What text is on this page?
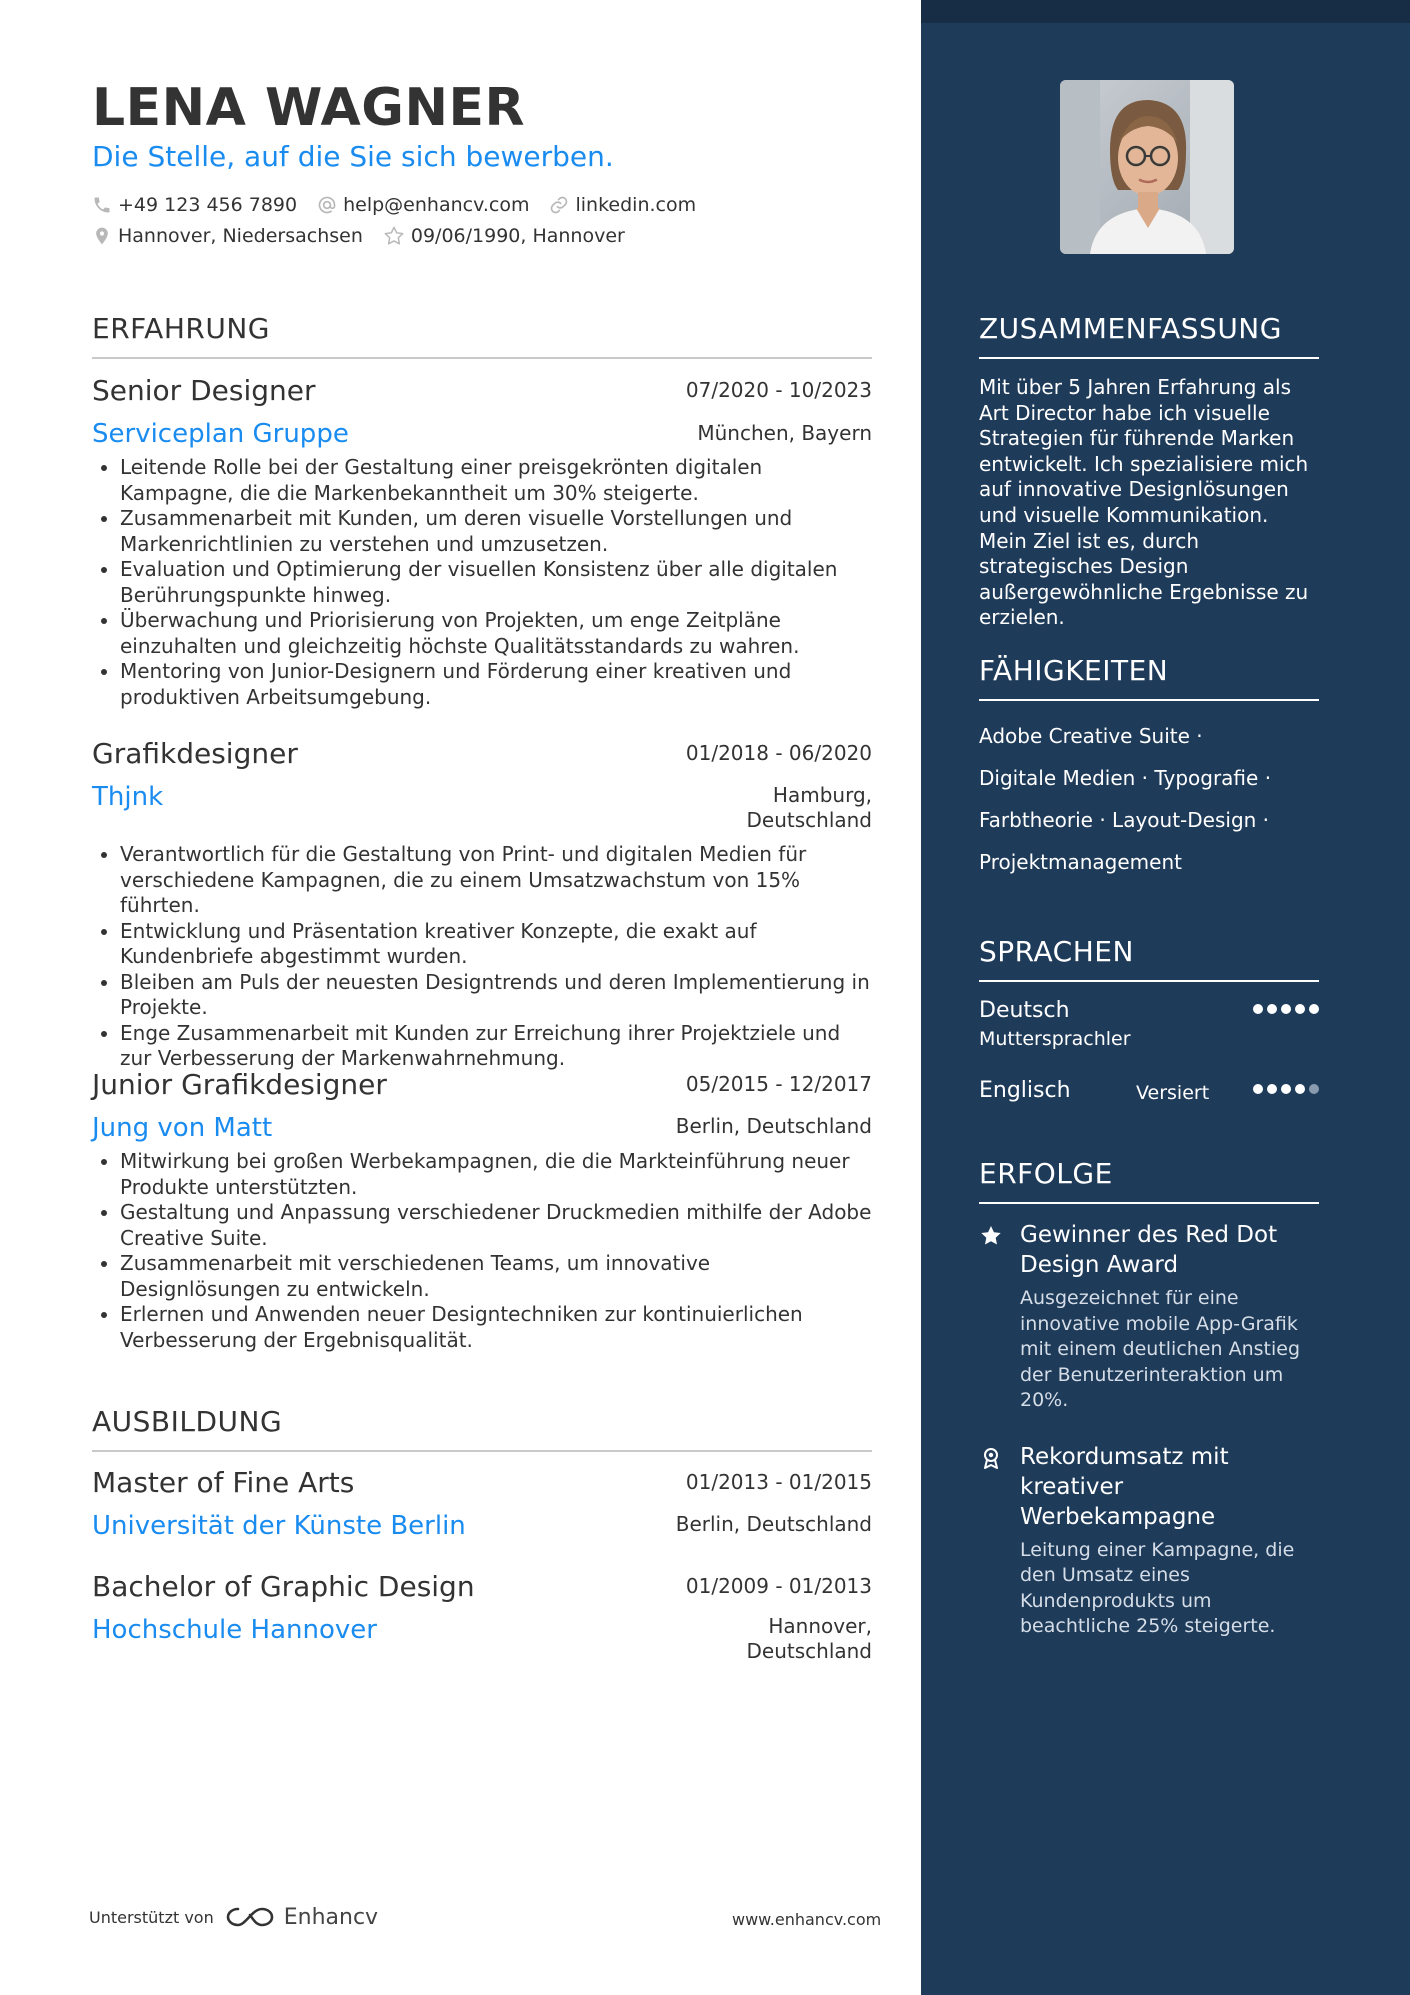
LENA WAGNER
Die Stelle, auf die Sie sich bewerben.
+49 123 456 7890 help@enhancv.com linkedin.com
Hannover, Niedersachsen	09/06/1990, Hannover
ERFAHRUNG
Senior Designer	07/2020 - 10/2023
Serviceplan Gruppe	München, Bayern
Leitende Rolle bei der Gestaltung einer preisgekrönten digitalen Kampagne, die die Markenbekanntheit um 30% steigerte.
Zusammenarbeit mit Kunden, um deren visuelle Vorstellungen und Markenrichtlinien zu verstehen und umzusetzen.
Evaluation und Optimierung der visuellen Konsistenz über alle digitalen Berührungspunkte hinweg.
Überwachung und Priorisierung von Projekten, um enge Zeitpläne einzuhalten und gleichzeitig höchste Qualitätsstandards zu wahren.
Mentoring von Junior-Designern und Förderung einer kreativen und produktiven Arbeitsumgebung.
Grafikdesigner	01/2018 - 06/2020
Thjnk	Hamburg,
Deutschland
Verantwortlich für die Gestaltung von Print- und digitalen Medien für verschiedene Kampagnen, die zu einem Umsatzwachstum von 15% führten.
Entwicklung und Präsentation kreativer Konzepte, die exakt auf Kundenbriefe abgestimmt wurden.
Bleiben am Puls der neuesten Designtrends und deren Implementierung in Projekte.
Enge Zusammenarbeit mit Kunden zur Erreichung ihrer Projektziele und zur Verbesserung der Markenwahrnehmung.
Junior Grafikdesigner	05/2015 - 12/2017
Jung von Matt	Berlin, Deutschland
Mitwirkung bei großen Werbekampagnen, die die Markteinführung neuer Produkte unterstützten.
Gestaltung und Anpassung verschiedener Druckmedien mithilfe der Adobe Creative Suite.
Zusammenarbeit mit verschiedenen Teams, um innovative Designlösungen zu entwickeln.
Erlernen und Anwenden neuer Designtechniken zur kontinuierlichen Verbesserung der Ergebnisqualität.
AUSBILDUNG
Master of Fine Arts	01/2013 - 01/2015
Universität der Künste Berlin	Berlin, Deutschland
Bachelor of Graphic Design	01/2009 - 01/2013
Hochschule Hannover	Hannover,
Deutschland
Unterstützt von	Enhancv	www.enhancv.com
ZUSAMMENFASSUNG
Mit über 5 Jahren Erfahrung als Art Director habe ich visuelle Strategien für führende Marken entwickelt. Ich spezialisiere mich auf innovative Designlösungen und visuelle Kommunikation. Mein Ziel ist es, durch strategisches Design außergewöhnliche Ergebnisse zu erzielen.
FÄHIGKEITEN
Adobe Creative Suite ·
Digitale Medien · Typografie ·
Farbtheorie · Layout-Design ·
Projektmanagement
SPRACHEN
Deutsch
Muttersprachler
Englisch	Versiert
ERFOLGE
Gewinner des Red Dot Design Award
Ausgezeichnet für eine innovative mobile App-Grafik mit einem deutlichen Anstieg der Benutzerinteraktion um 20%.
Rekordumsatz mit kreativer Werbekampagne
Leitung einer Kampagne, die den Umsatz eines Kundenprodukts um beachtliche 25% steigerte.
